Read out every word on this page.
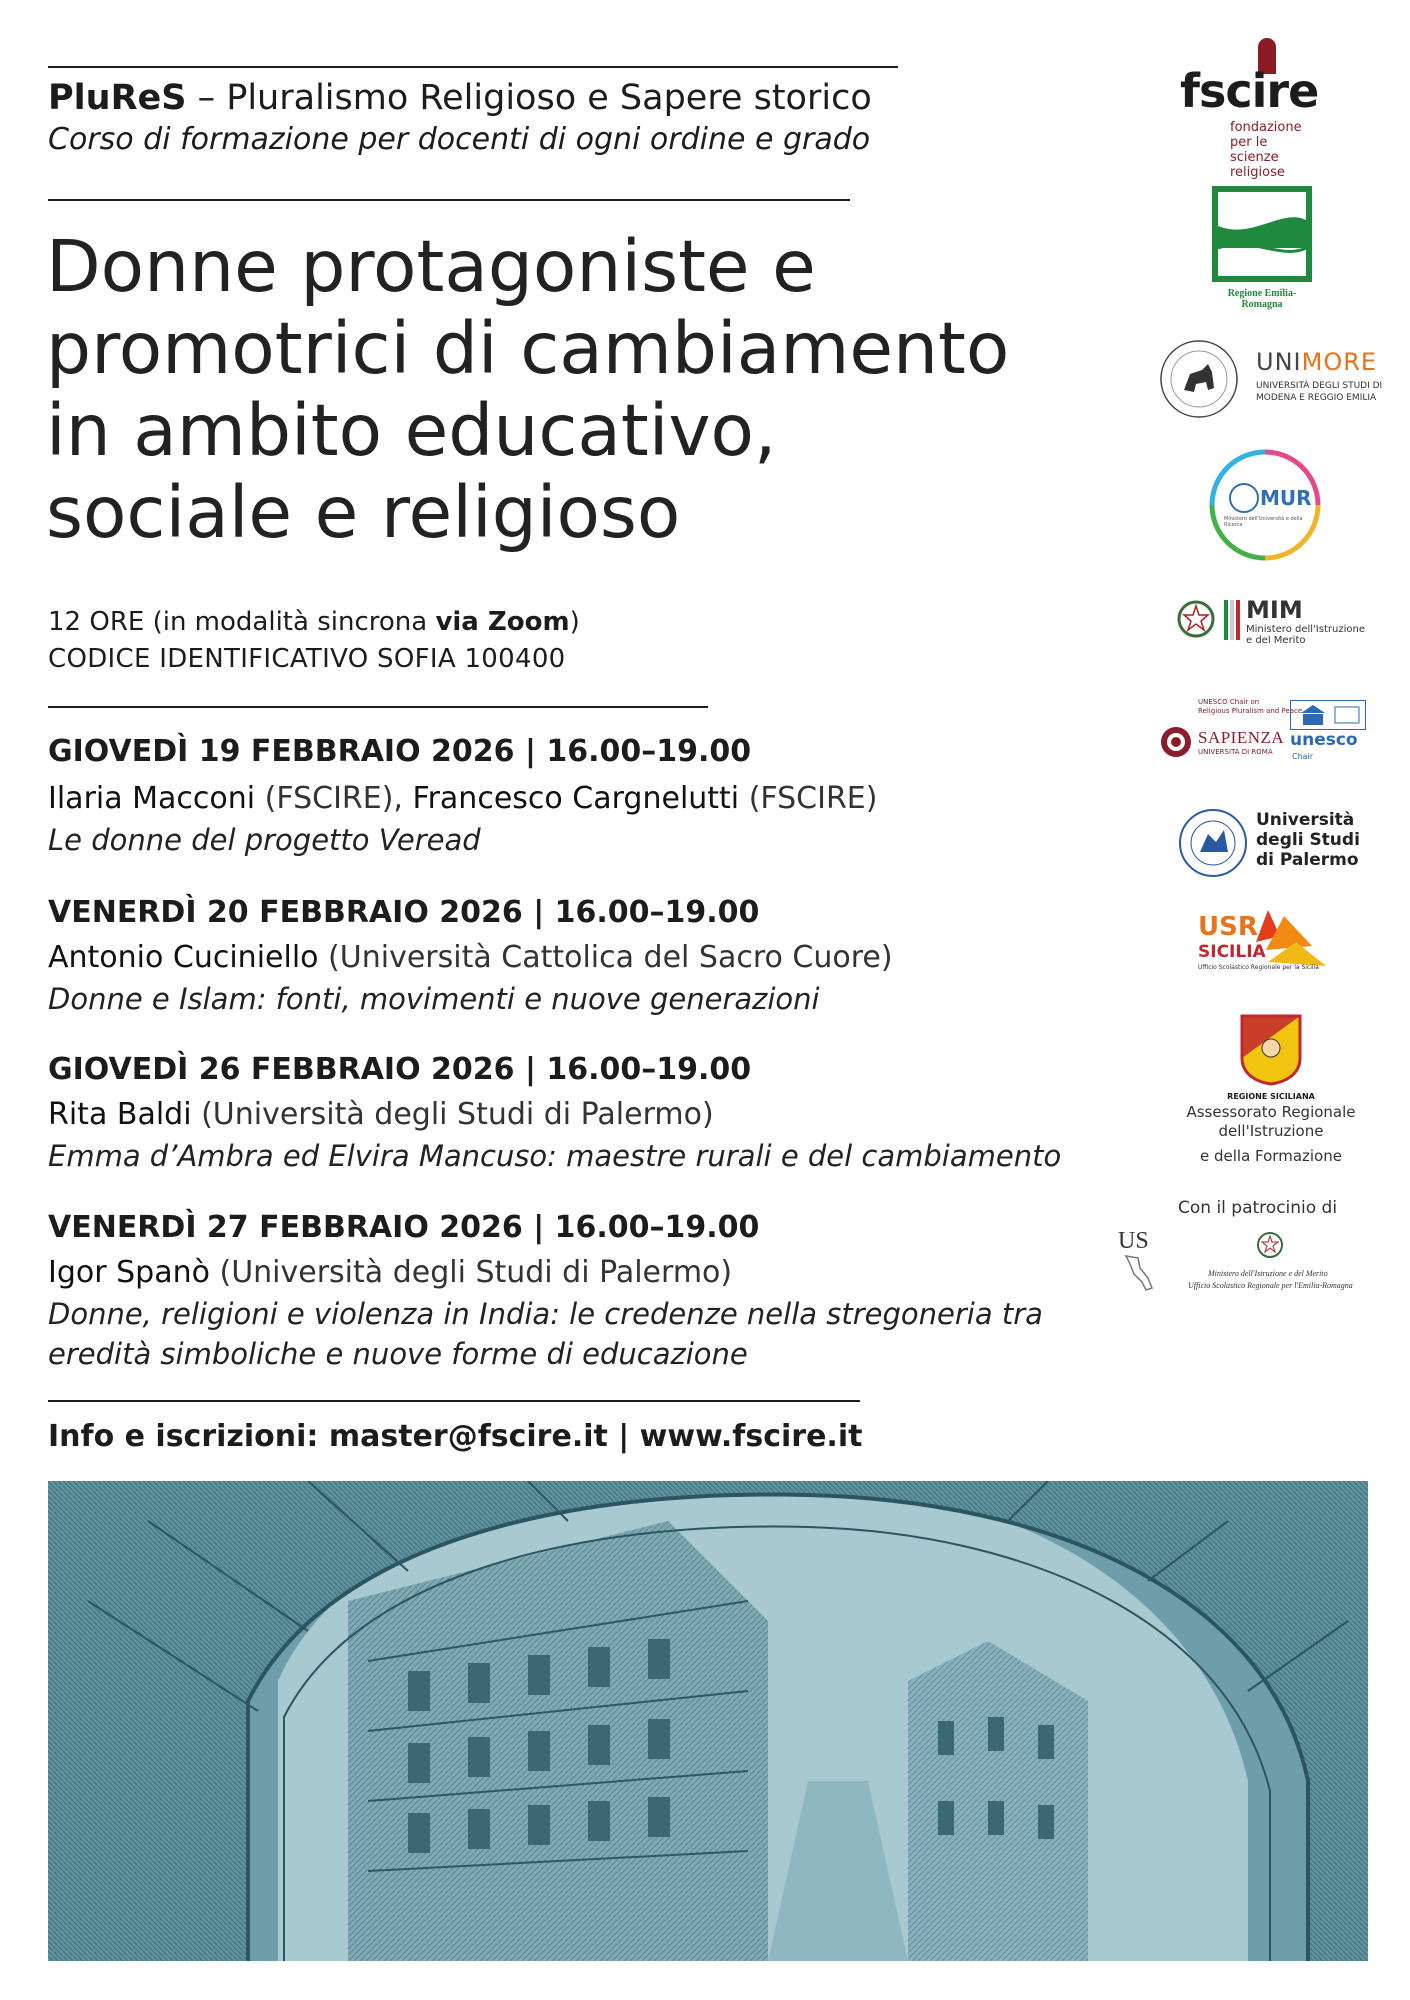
PluReS – Pluralismo Religioso e Sapere storico
Corso di formazione per docenti di ogni ordine e grado
Donne protagoniste e
promotrici di cambiamento
in ambito educativo,
sociale e religioso
12 ORE (in modalità sincrona via Zoom)
CODICE IDENTIFICATIVO SOFIA 100400
GIOVEDÌ 19 FEBBRAIO 2026 | 16.00–19.00
Ilaria Macconi (FSCIRE), Francesco Cargnelutti (FSCIRE)
Le donne del progetto Veread
VENERDÌ 20 FEBBRAIO 2026 | 16.00–19.00
Antonio Cuciniello (Università Cattolica del Sacro Cuore)
Donne e Islam: fonti, movimenti e nuove generazioni
GIOVEDÌ 26 FEBBRAIO 2026 | 16.00–19.00
Rita Baldi (Università degli Studi di Palermo)
Emma d’Ambra ed Elvira Mancuso: maestre rurali e del cambiamento
VENERDÌ 27 FEBBRAIO 2026 | 16.00–19.00
Igor Spanò (Università degli Studi di Palermo)
Donne, religioni e violenza in India: le credenze nella stregoneria tra
eredità simboliche e nuove forme di educazione
Info e iscrizioni: master@fscire.it | www.fscire.it
fscire
fondazione
per le scienze
religiose
Regione Emilia-Romagna
UNIMORE
UNIVERSITÀ DEGLI STUDI DI
MODENA E REGGIO EMILIA
MUR
Ministero dell'Università e della Ricerca
MIM
Ministero dell'Istruzione
e del Merito
UNESCO Chair on
Religious Pluralism and Peace
SAPIENZA
UNIVERSITÀ DI ROMA
unesco
Chair
Università
degli Studi
di Palermo
USR
SICILIA
Ufficio Scolastico Regionale per la Sicilia
REGIONE SICILIANA
Assessorato Regionale
dell'Istruzione
e della Formazione
Con il patrocinio di
US
Ministero dell'Istruzione e del Merito
Ufficio Scolastico Regionale per l'Emilia-Romagna
